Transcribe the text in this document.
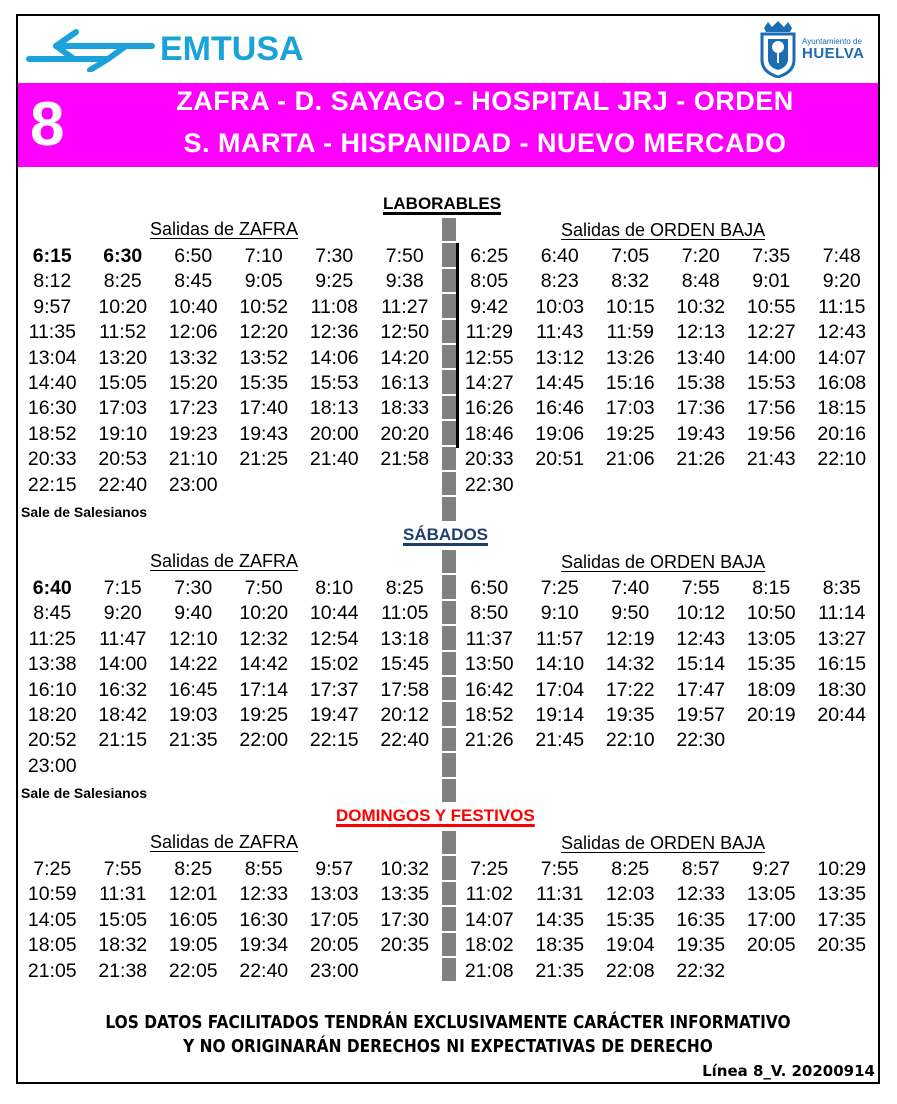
EMTUSA	Ayuntamiento de
HUELVA
8	ZAFRA - D. SAYAGO - HOSPITAL JRJ - ORDEN
S. MARTA - HISPANIDAD - NUEVO MERCADO
LABORABLES
Salidas de ZAFRA	Salidas de ORDEN BAJA
6:15	6:30	6:50	7:10	7:30	7:50
8:12	8:25	8:45	9:05	9:25	9:38
9:57	10:20	10:40	10:52	11:08	11:27
11:35	11:52	12:06	12:20	12:36	12:50
13:04	13:20	13:32	13:52	14:06	14:20
14:40	15:05	15:20	15:35	15:53	16:13
16:30	17:03	17:23	17:40	18:13	18:33
18:52	19:10	19:23	19:43	20:00	20:20
20:33	20:53	21:10	21:25	21:40	21:58
22:15	22:40	23:00
6:25	6:40	7:05	7:20	7:35	7:48
8:05	8:23	8:32	8:48	9:01	9:20
9:42	10:03	10:15	10:32	10:55	11:15
11:29	11:43	11:59	12:13	12:27	12:43
12:55	13:12	13:26	13:40	14:00	14:07
14:27	14:45	15:16	15:38	15:53	16:08
16:26	16:46	17:03	17:36	17:56	18:15
18:46	19:06	19:25	19:43	19:56	20:16
20:33	20:51	21:06	21:26	21:43	22:10
22:30
Sale de Salesianos
SÁBADOS
Salidas de ZAFRA	Salidas de ORDEN BAJA
6:40	7:15	7:30	7:50	8:10	8:25
8:45	9:20	9:40	10:20	10:44	11:05
11:25	11:47	12:10	12:32	12:54	13:18
13:38	14:00	14:22	14:42	15:02	15:45
16:10	16:32	16:45	17:14	17:37	17:58
18:20	18:42	19:03	19:25	19:47	20:12
20:52	21:15	21:35	22:00	22:15	22:40
23:00
6:50	7:25	7:40	7:55	8:15	8:35
8:50	9:10	9:50	10:12	10:50	11:14
11:37	11:57	12:19	12:43	13:05	13:27
13:50	14:10	14:32	15:14	15:35	16:15
16:42	17:04	17:22	17:47	18:09	18:30
18:52	19:14	19:35	19:57	20:19	20:44
21:26	21:45	22:10	22:30
Sale de Salesianos
DOMINGOS Y FESTIVOS
Salidas de ZAFRA	Salidas de ORDEN BAJA
7:25	7:55	8:25	8:55	9:57	10:32
10:59	11:31	12:01	12:33	13:03	13:35
14:05	15:05	16:05	16:30	17:05	17:30
18:05	18:32	19:05	19:34	20:05	20:35
21:05	21:38	22:05	22:40	23:00
7:25	7:55	8:25	8:57	9:27	10:29
11:02	11:31	12:03	12:33	13:05	13:35
14:07	14:35	15:35	16:35	17:00	17:35
18:02	18:35	19:04	19:35	20:05	20:35
21:08	21:35	22:08	22:32
LOS DATOS FACILITADOS TENDRÁN EXCLUSIVAMENTE CARÁCTER INFORMATIVO
Y NO ORIGINARÁN DERECHOS NI EXPECTATIVAS DE DERECHO
Línea 8_V. 20200914
